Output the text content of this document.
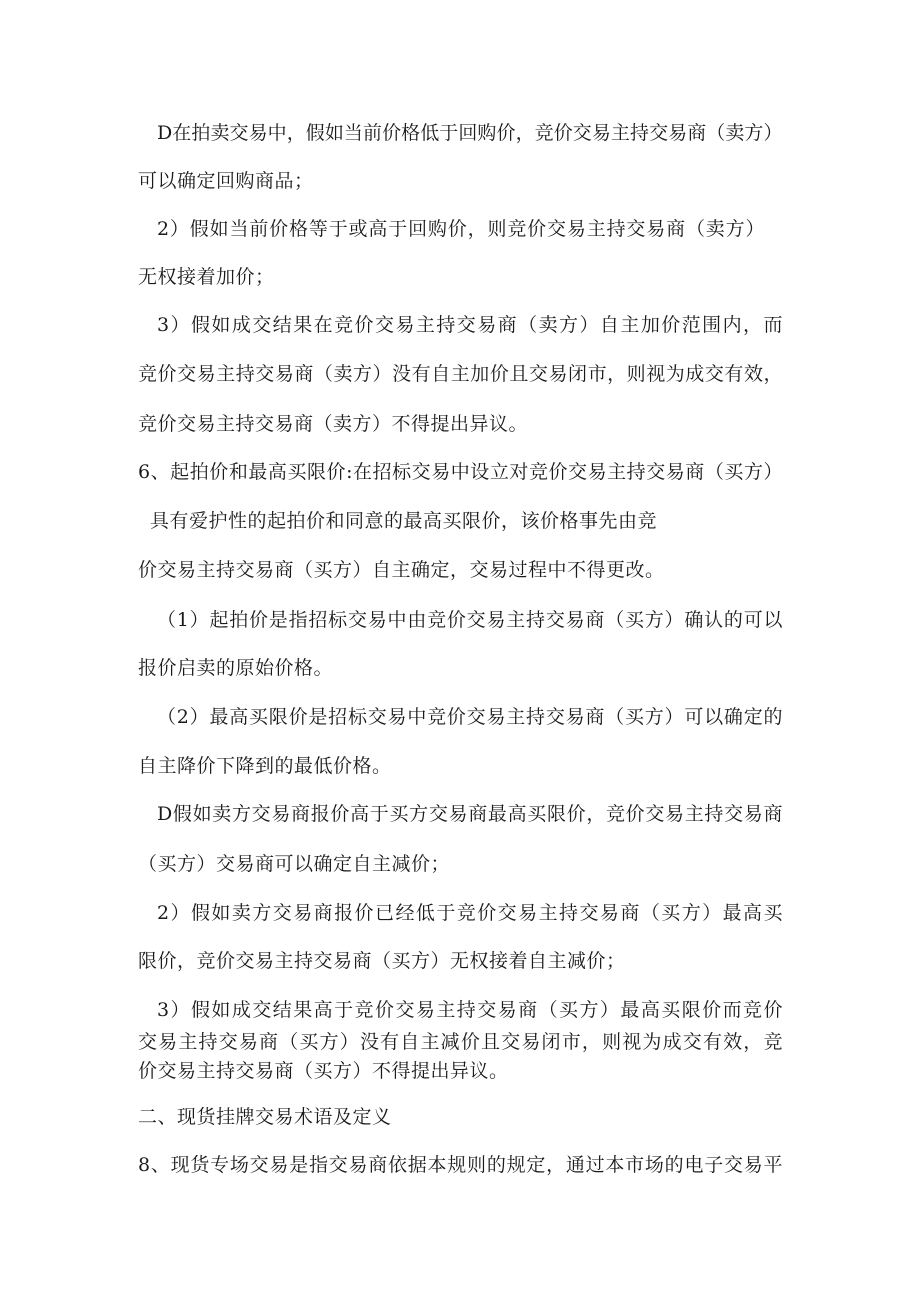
D在拍卖交易中，假如当前价格低于回购价，竞价交易主持交易商（卖方）
可以确定回购商品；
2）假如当前价格等于或高于回购价，则竞价交易主持交易商（卖方）
无权接着加价；
3）假如成交结果在竞价交易主持交易商（卖方）自主加价范围内，而
竞价交易主持交易商（卖方）没有自主加价且交易闭市，则视为成交有效，
竞价交易主持交易商（卖方）不得提出异议。
6、起拍价和最高买限价:在招标交易中设立对竞价交易主持交易商（买方）
具有爱护性的起拍价和同意的最高买限价，该价格事先由竞
价交易主持交易商（买方）自主确定，交易过程中不得更改。
（1）起拍价是指招标交易中由竞价交易主持交易商（买方）确认的可以
报价启卖的原始价格。
（2）最高买限价是招标交易中竞价交易主持交易商（买方）可以确定的
自主降价下降到的最低价格。
D假如卖方交易商报价高于买方交易商最高买限价，竞价交易主持交易商
（买方）交易商可以确定自主减价；
2）假如卖方交易商报价已经低于竞价交易主持交易商（买方）最高买
限价，竞价交易主持交易商（买方）无权接着自主减价；
3）假如成交结果高于竞价交易主持交易商（买方）最高买限价而竞价
交易主持交易商（买方）没有自主减价且交易闭市，则视为成交有效，竞
价交易主持交易商（买方）不得提出异议。
二、现货挂牌交易术语及定义
8、现货专场交易是指交易商依据本规则的规定，通过本市场的电子交易平
